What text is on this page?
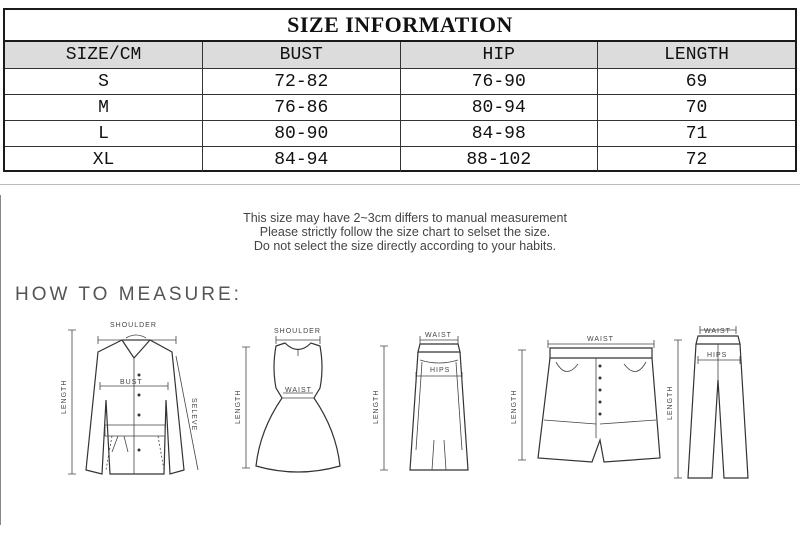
SIZE INFORMATION
SIZE/CM	BUST	HIP	LENGTH
S	72-82	76-90	69
M	76-86	80-94	70
L	80-90	84-98	71
XL	84-94	88-102	72
This size may have 2~3cm differs to manual measurement
Please strictly follow the size chart to selset the size.
Do not select the size directly according to your habits.
HOW TO MEASURE:
SHOULDER
BUST
LENGTH
SELEVE
SHOULDER
WAIST
LENGTH
WAIST
HIPS
LENGTH
WAIST
LENGTH
WAIST
HIPS
LENGTH
